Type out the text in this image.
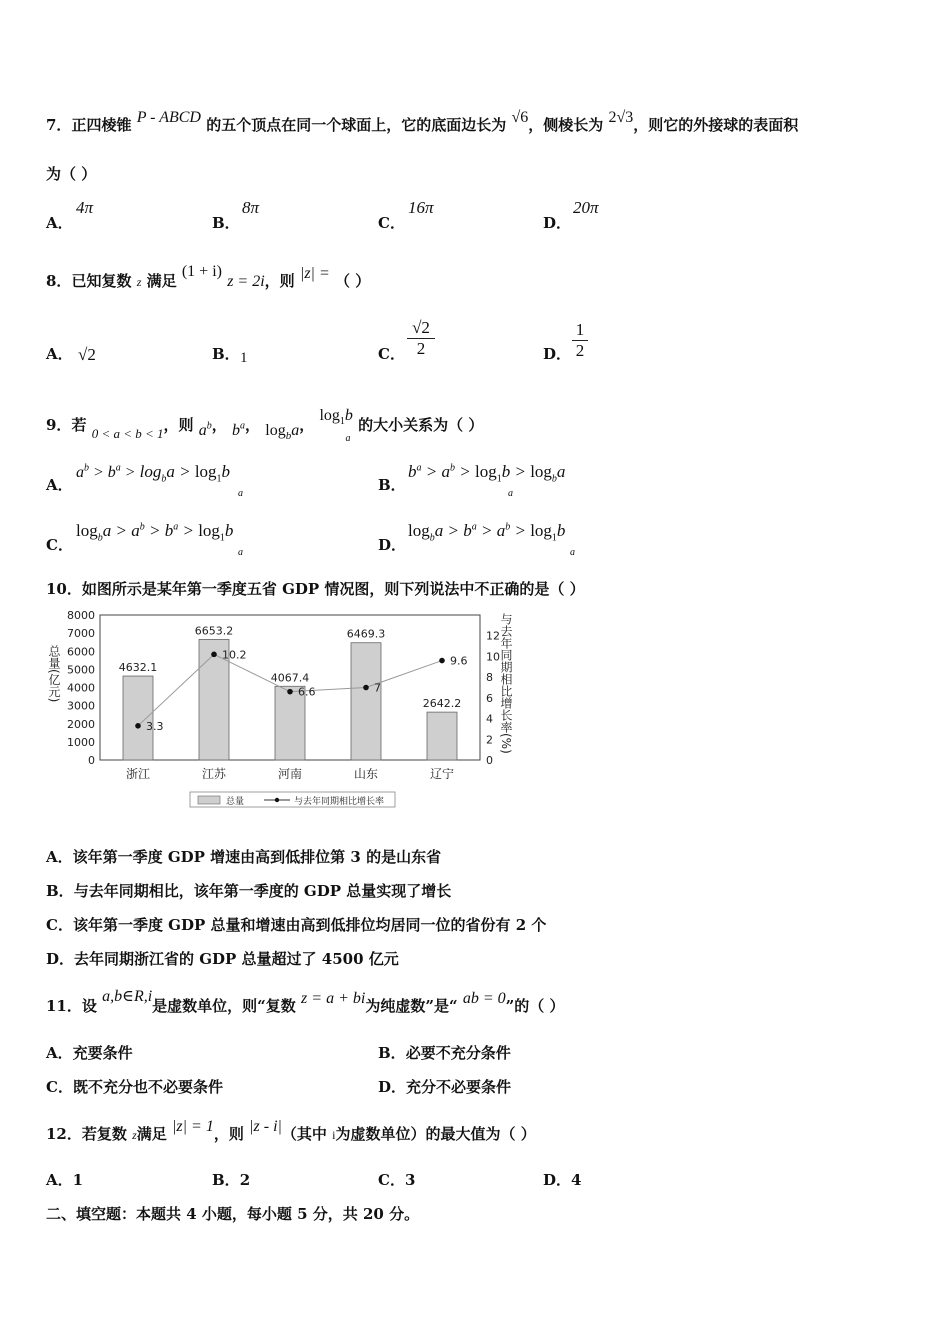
7．正四棱锥 P - ABCD 的五个顶点在同一个球面上，它的底面边长为 √6，侧棱长为 2√3，则它的外接球的表面积
为（ ）
A．
4π
B．
8π
C．
16π
D．
20π
8．已知复数 z 满足 (1 + i) z = 2i，则 |z| = （ ）
A． √2	B． 1	C． $\frac{√2}{2}$	D． $\frac{1}{2}$
9．若 0 < a < b < 1，则 $a^b$， $b^a$， $\log_ba$， $\log_1b$
a
的大小关系为（ ）
A．
$a^b > b^a > \log_ba > \log_1b$
a	B．
$b^a > a^b > \log_1b > \log_ba$
a
C．
$\log_ba > a^b > b^a > \log_1b$
a	D．
$\log_ba > b^a > a^b > \log_1b$
a
10．如图所示是某年第一季度五省 GDP 情况图，则下列说法中不正确的是（ ）
0
1000
2000
3000
4000
5000
6000
7000
8000
0
2
4
6
8
10
12
总量(亿元)	与去年同期相比增长率(%)
4632.1
6653.2
4067.4
6469.3
2642.2
3.3
10.2
6.6	7
9.6
浙江	江苏	河南	山东	辽宁
总量	与去年同期相比增长率
A．该年第一季度 GDP 增速由高到低排位第 3 的是山东省
B．与去年同期相比，该年第一季度的 GDP 总量实现了增长
C．该年第一季度 GDP 总量和增速由高到低排位均居同一位的省份有 2 个
D．去年同期浙江省的 GDP 总量超过了 4500 亿元
11．设 a,b∈R,i是虚数单位，则“复数 z = a + bi为纯虚数”是“ ab = 0”的（ ）
A．充要条件	B．必要不充分条件
C．既不充分也不必要条件	D．充分不必要条件
12．若复数 z满足 |z| = 1，则 |z - i|（其中 i为虚数单位）的最大值为（ ）
A．1	B．2	C．3	D．4
二、填空题：本题共 4 小题，每小题 5 分，共 20 分。
